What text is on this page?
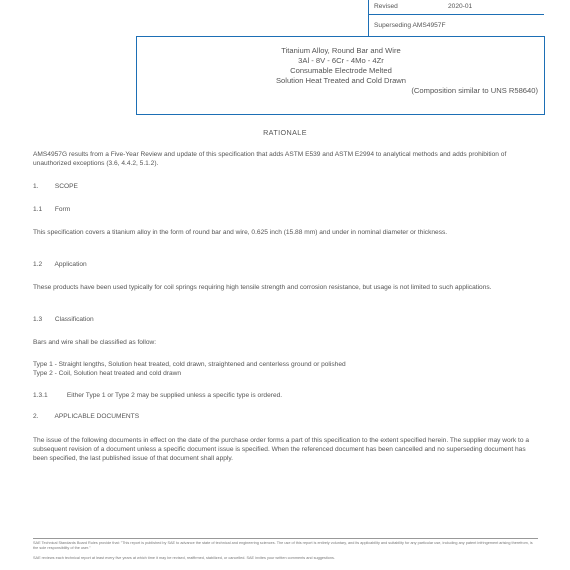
Revised	2020-01
Superseding AMS4957F
Titanium Alloy, Round Bar and Wire
3Al - 8V - 6Cr - 4Mo - 4Zr
Consumable Electrode Melted
Solution Heat Treated and Cold Drawn
(Composition similar to UNS R58640)
RATIONALE
AMS4957G results from a Five-Year Review and update of this specification that adds ASTM E539 and ASTM E2994 to analytical methods and adds prohibition of unauthorized exceptions (3.6, 4.4.2, 5.1.2).
1. SCOPE
1.1 Form
This specification covers a titanium alloy in the form of round bar and wire, 0.625 inch (15.88 mm) and under in nominal diameter or thickness.
1.2 Application
These products have been used typically for coil springs requiring high tensile strength and corrosion resistance, but usage is not limited to such applications.
1.3 Classification
Bars and wire shall be classified as follow:
Type 1 - Straight lengths, Solution heat treated, cold drawn, straightened and centerless ground or polished
Type 2 - Coil, Solution heat treated and cold drawn
1.3.1	Either Type 1 or Type 2 may be supplied unless a specific type is ordered.
2. APPLICABLE DOCUMENTS
The issue of the following documents in effect on the date of the purchase order forms a part of this specification to the extent specified herein. The supplier may work to a subsequent revision of a document unless a specific document issue is specified. When the referenced document has been cancelled and no superseding document has been specified, the last published issue of that document shall apply.
SAE Technical Standards Board Rules provide that: "This report is published by SAE to advance the state of technical and engineering sciences. The use of this report is entirely voluntary, and its applicability and suitability for any particular use, including any patent infringement arising therefrom, is the sole responsibility of the user."
SAE reviews each technical report at least every five years at which time it may be revised, reaffirmed, stabilized, or cancelled. SAE invites your written comments and suggestions.
